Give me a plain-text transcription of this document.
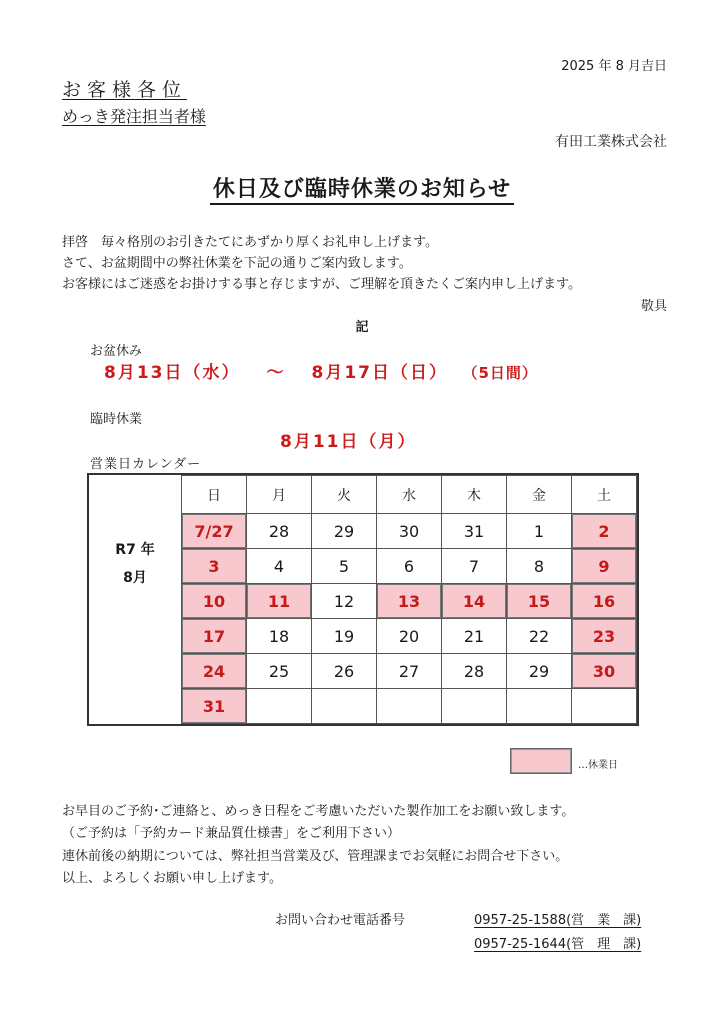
2025 年 8 月吉日
お客様各位
めっき発注担当者様
有田工業株式会社
休日及び臨時休業のお知らせ
拝啓　毎々格別のお引きたてにあずかり厚くお礼申し上げます。
さて、お盆期間中の弊社休業を下記の通りご案内致します。
お客様にはご迷惑をお掛けする事と存じますが、ご理解を頂きたくご案内申し上げます。
敬具
記
お盆休み
8月13日（水） ～ 8月17日（日） （5日間）
臨時休業
8月11日（月）
営業日カレンダー
R7 年
8月	日	月	火	水	木	金	土
	7/27	28	29	30	31	1	2
	3	4	5	6	7	8	9
	10	11	12	13	14	15	16
	17	18	19	20	21	22	23
	24	25	26	27	28	29	30
	31						
…休業日
お早目のご予約･ご連絡と、めっき日程をご考慮いただいた製作加工をお願い致します。
（ご予約は「予約カード兼品質仕様書」をご利用下さい）
連休前後の納期については、弊社担当営業及び、管理課までお気軽にお問合せ下さい。
以上、よろしくお願い申し上げます。
お問い合わせ電話番号	0957-25-1588(営　業　課)
0957-25-1644(管　理　課)
